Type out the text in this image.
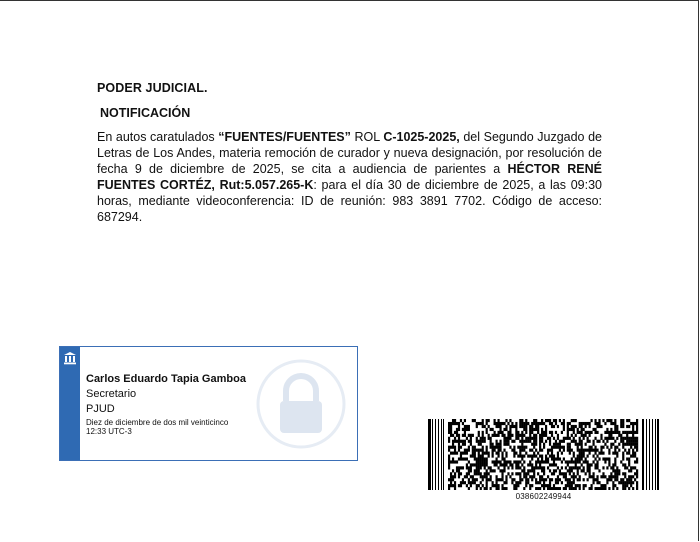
PODER JUDICIAL.
NOTIFICACIÓN
En autos caratulados “FUENTES/FUENTES” ROL C-1025-2025, del Segundo Juzgado de Letras de Los Andes, materia remoción de curador y nueva designación, por resolución de fecha 9 de diciembre de 2025, se cita a audiencia de parientes a HÉCTOR RENÉ FUENTES CORTÉZ, Rut:5.057.265-K: para el día 30 de diciembre de 2025, a las 09:30 horas, mediante videoconferencia: ID de reunión: 983 3891 7702. Código de acceso: 687294.
Carlos Eduardo Tapia Gamboa
Secretario
PJUD
Diez de diciembre de dos mil veinticinco
12:33 UTC-3
038602249944
